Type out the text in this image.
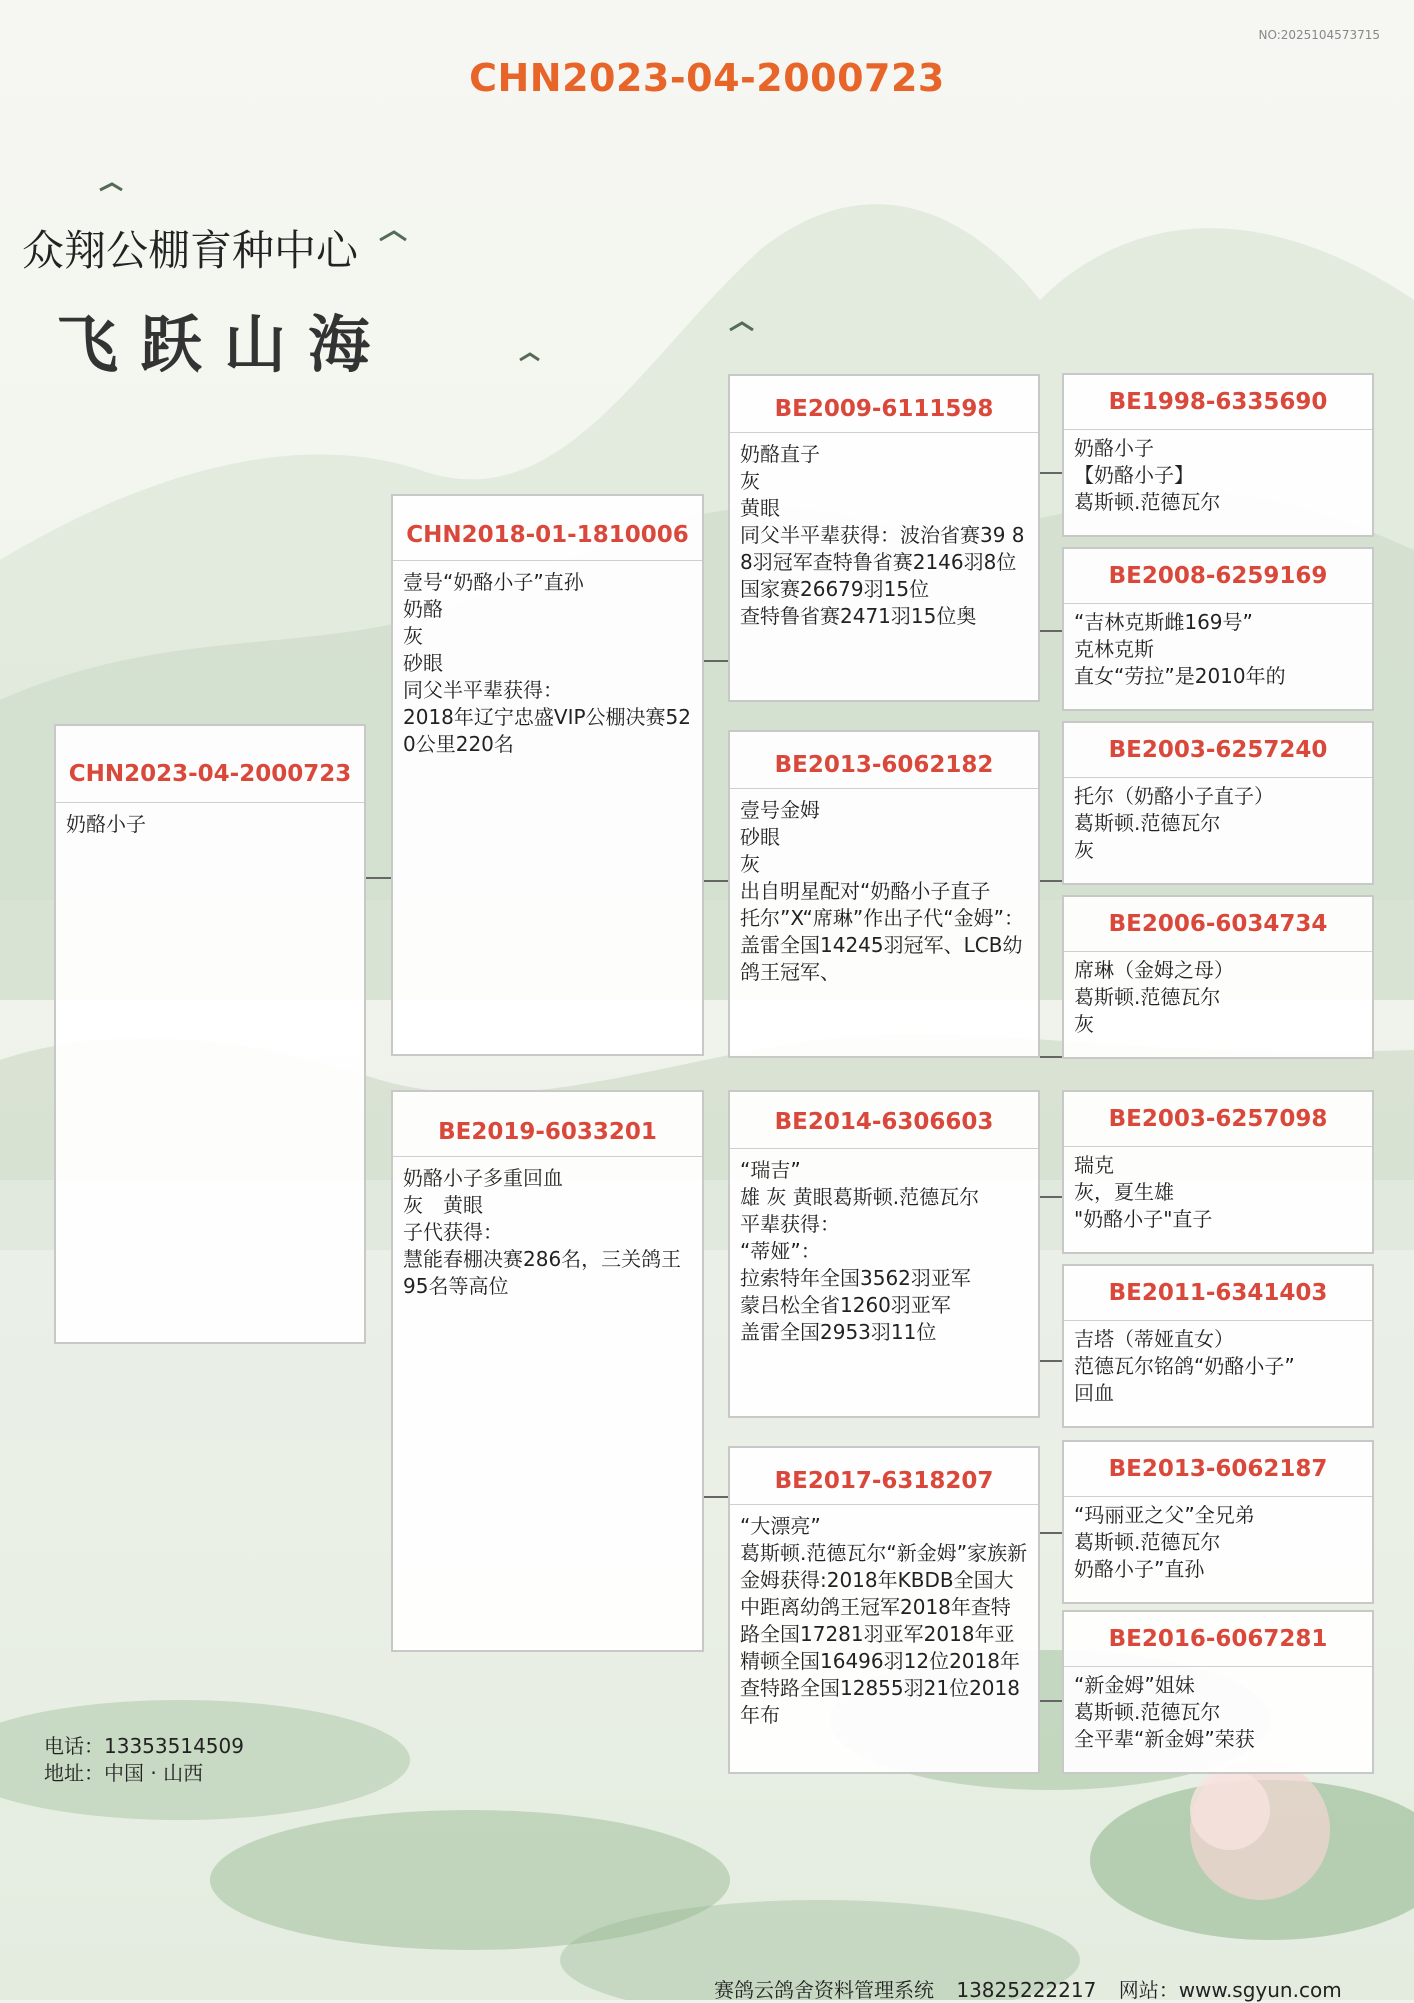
NO:2025104573715
CHN2023-04-2000723
众翔公棚育种中心
飞跃山海
CHN2023-04-2000723
奶酪小子
CHN2018-01-1810006
壹号“奶酪小子”直孙
奶酪
灰
砂眼
同父半平辈获得：
2018年辽宁忠盛VIP公棚决赛520公里220名
BE2019-6033201
奶酪小子多重回血
灰　黄眼
子代获得：
慧能春棚决赛286名，三关鸽王95名等高位
BE2009-6111598
奶酪直子
灰
黄眼
同父半平辈获得：波治省赛39 88羽冠军查特鲁省赛2146羽8位国家赛26679羽15位
查特鲁省赛2471羽15位奥
BE2013-6062182
壹号金姆
砂眼
灰
出自明星配对“奶酪小子直子
托尔”X“席琳”作出子代“金姆”：盖雷全国14245羽冠军、LCB幼鸽王冠军、
BE2014-6306603
“瑞吉”
雄 灰 黄眼葛斯顿.范德瓦尔
平辈获得：
“蒂娅”：
拉索特年全国3562羽亚军
蒙吕松全省1260羽亚军
盖雷全国2953羽11位
BE2017-6318207
“大漂亮”
葛斯顿.范德瓦尔“新金姆”家族新金姆获得:2018年KBDB全国大中距离幼鸽王冠军2018年查特路全国17281羽亚军2018年亚精顿全国16496羽12位2018年查特路全国12855羽21位2018年布
BE1998-6335690
奶酪小子
【奶酪小子】
葛斯顿.范德瓦尔
BE2008-6259169
“吉林克斯雌169号”
克林克斯
直女“劳拉”是2010年的
BE2003-6257240
托尔（奶酪小子直子）
葛斯顿.范德瓦尔
灰
BE2006-6034734
席琳（金姆之母）
葛斯顿.范德瓦尔
灰
BE2003-6257098
瑞克
灰，夏生雄
"奶酪小子"直子
BE2011-6341403
吉塔（蒂娅直女）
范德瓦尔铭鸽“奶酪小子”
回血
BE2013-6062187
“玛丽亚之父”全兄弟
葛斯顿.范德瓦尔
奶酪小子”直孙
BE2016-6067281
“新金姆”姐妹
葛斯顿.范德瓦尔
全平辈“新金姆”荣获
电话：13353514509
地址：中国 · 山西
赛鸽云鸽舍资料管理系统 13825222217 网站：www.sgyun.com
